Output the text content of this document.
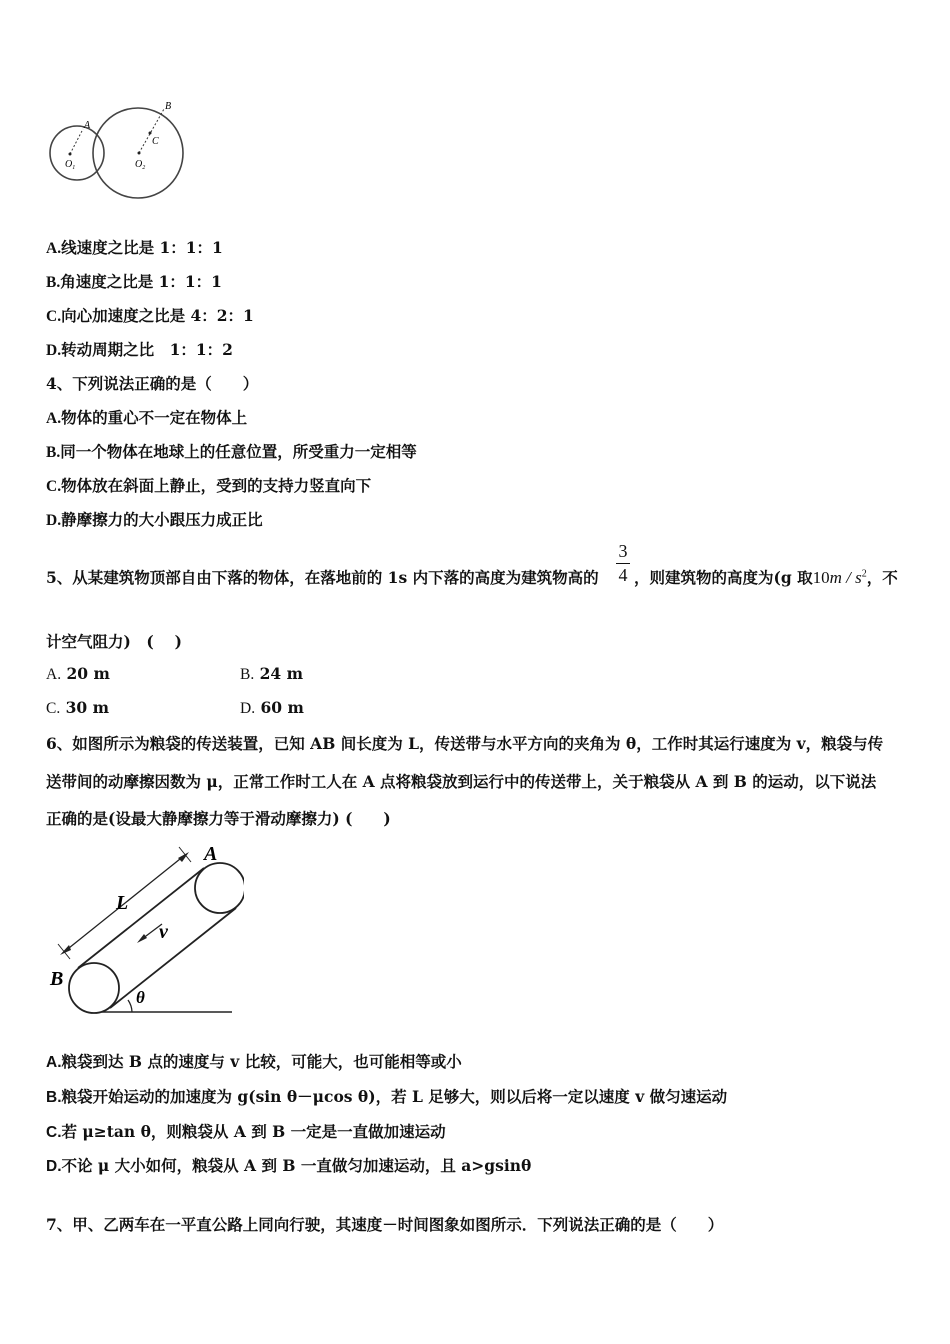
A
B
C
$O_1$	$O_2$
A.线速度之比是 1：1：1
B.角速度之比是 1：1：1
C.向心加速度之比是 4：2：1
D.转动周期之比　1：1：2
4、下列说法正确的是（　　）
A.物体的重心不一定在物体上
B.同一个物体在地球上的任意位置，所受重力一定相等
C.物体放在斜面上静止，受到的支持力竖直向下
D.静摩擦力的大小跟压力成正比
5、从某建筑物顶部自由下落的物体，在落地前的 1s 内下落的高度为建筑物高的
3
4 ，则建筑物的高度为(g 取$10m / s^2$，不
计空气阻力)　(　 )
A. 20 m	B. 24 m
C. 30 m	D. 60 m
6、如图所示为粮袋的传送装置，已知 AB 间长度为 L，传送带与水平方向的夹角为 θ，工作时其运行速度为 v，粮袋与传
送带间的动摩擦因数为 μ，正常工作时工人在 A 点将粮袋放到运行中的传送带上，关于粮袋从 A 到 B 的运动，以下说法
正确的是(设最大静摩擦力等于滑动摩擦力) (　　)
A
B
L
v
θ
A.粮袋到达 B 点的速度与 v 比较，可能大，也可能相等或小
B.粮袋开始运动的加速度为 g(sin θ－μcos θ)，若 L 足够大，则以后将一定以速度 v 做匀速运动
C.若 μ≥tan θ，则粮袋从 A 到 B 一定是一直做加速运动
D.不论 μ 大小如何，粮袋从 A 到 B 一直做匀加速运动，且 a>gsinθ
7、甲、乙两车在一平直公路上同向行驶，其速度－时间图象如图所示．下列说法正确的是（　　）
